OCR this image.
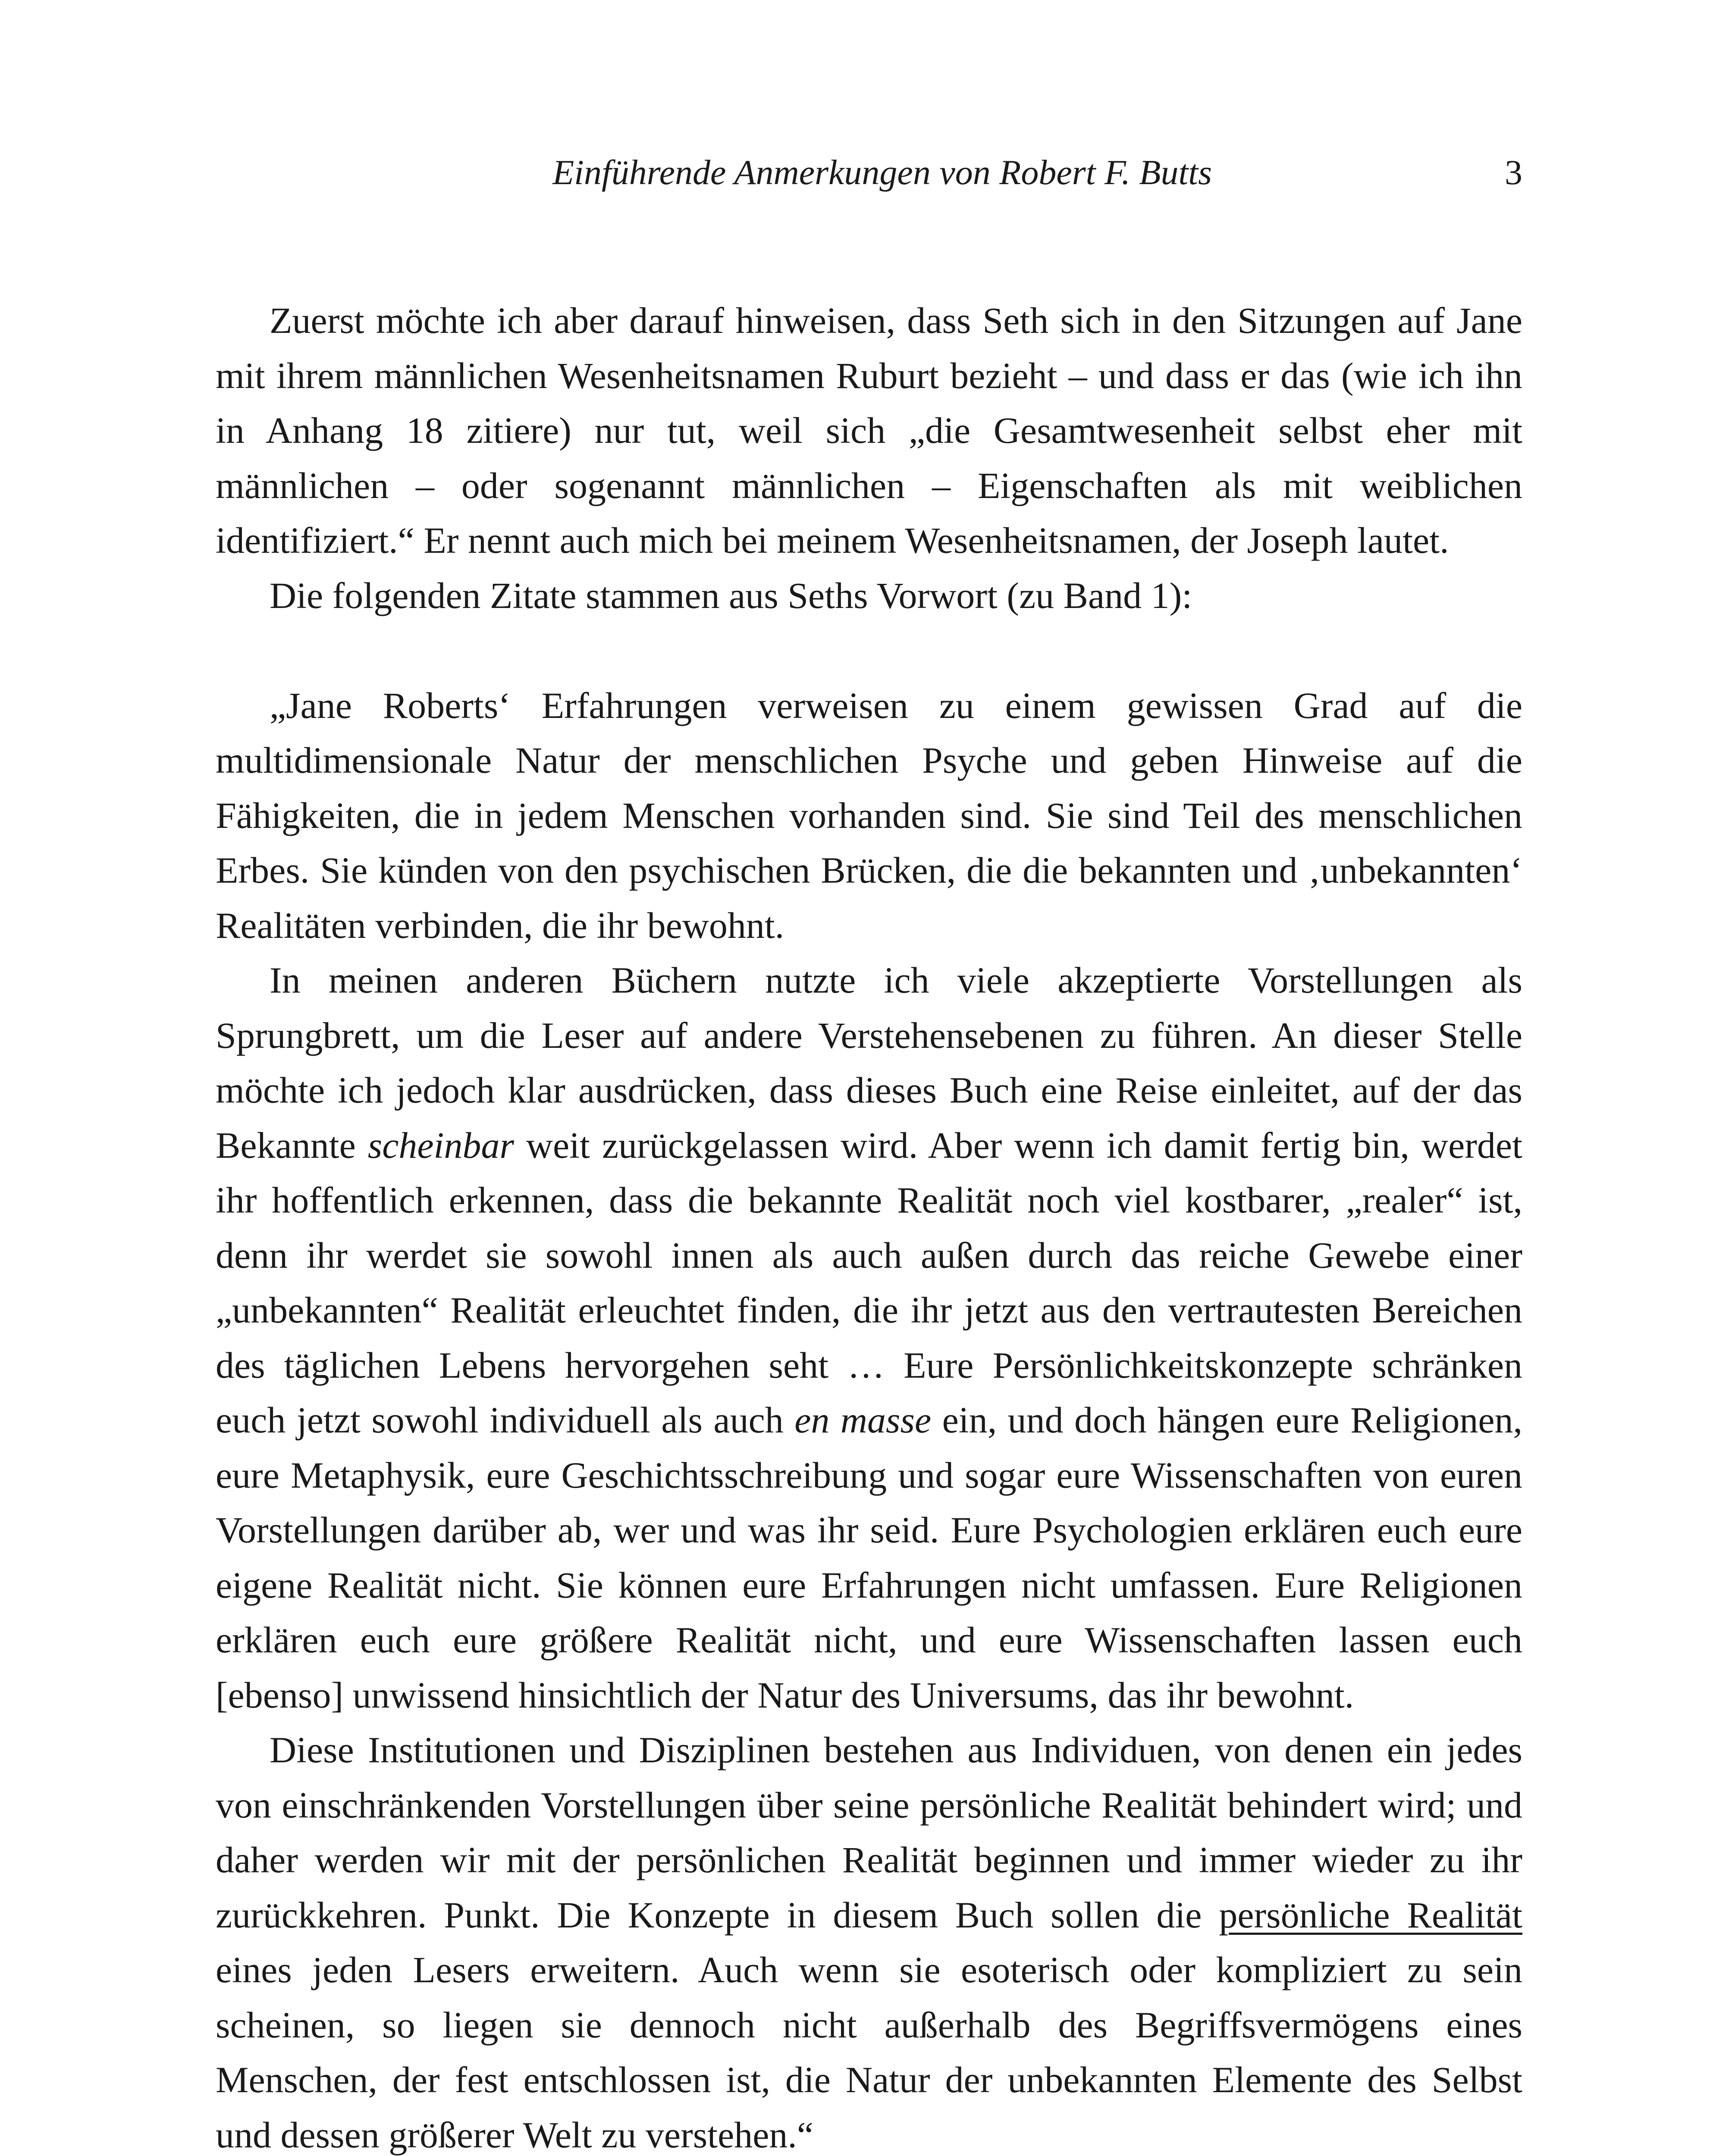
Einführende Anmerkungen von Robert F. Butts	3

Zuerst möchte ich aber darauf hinweisen, dass Seth sich in den Sitzungen auf Jane mit ihrem männlichen Wesenheitsnamen Ruburt bezieht – und dass er das (wie ich ihn in Anhang 18 zitiere) nur tut, weil sich „die Gesamtwesenheit selbst eher mit männlichen – oder sogenannt männlichen – Eigenschaften als mit weiblichen identifiziert.“ Er nennt auch mich bei meinem Wesenheitsnamen, der Joseph lautet.

Die folgenden Zitate stammen aus Seths Vorwort (zu Band 1):

„Jane Roberts‘ Erfahrungen verweisen zu einem gewissen Grad auf die multidimensionale Natur der menschlichen Psyche und geben Hinweise auf die Fähigkeiten, die in jedem Menschen vorhanden sind. Sie sind Teil des menschlichen Erbes. Sie künden von den psychischen Brücken, die die bekannten und ‚unbekannten‘ Realitäten verbinden, die ihr bewohnt.

In meinen anderen Büchern nutzte ich viele akzeptierte Vorstellungen als Sprungbrett, um die Leser auf andere Verstehensebenen zu führen. An dieser Stelle möchte ich jedoch klar ausdrücken, dass dieses Buch eine Reise einleitet, auf der das Bekannte scheinbar weit zurückgelassen wird. Aber wenn ich damit fertig bin, werdet ihr hoffentlich erkennen, dass die bekannte Realität noch viel kostbarer, „realer“ ist, denn ihr werdet sie sowohl innen als auch außen durch das reiche Gewebe einer „unbekannten“ Realität erleuchtet finden, die ihr jetzt aus den vertrautesten Bereichen des täglichen Lebens hervorgehen seht … Eure Persönlichkeitskonzepte schränken euch jetzt sowohl individuell als auch en masse ein, und doch hängen eure Religionen, eure Metaphysik, eure Geschichtsschreibung und sogar eure Wissenschaften von euren Vorstellungen darüber ab, wer und was ihr seid. Eure Psychologien erklären euch eure eigene Realität nicht. Sie können eure Erfahrungen nicht umfassen. Eure Religionen erklären euch eure größere Realität nicht, und eure Wissenschaften lassen euch [ebenso] unwissend hinsichtlich der Natur des Universums, das ihr bewohnt.

Diese Institutionen und Disziplinen bestehen aus Individuen, von denen ein jedes von einschränkenden Vorstellungen über seine persönliche Realität behindert wird; und daher werden wir mit der persönlichen Realität beginnen und immer wieder zu ihr zurückkehren. Punkt. Die Konzepte in diesem Buch sollen die persönliche Realität eines jeden Lesers erweitern. Auch wenn sie esoterisch oder kompliziert zu sein scheinen, so liegen sie dennoch nicht außerhalb des Begriffsvermögens eines Menschen, der fest entschlossen ist, die Natur der unbekannten Elemente des Selbst und dessen größerer Welt zu verstehen.“
